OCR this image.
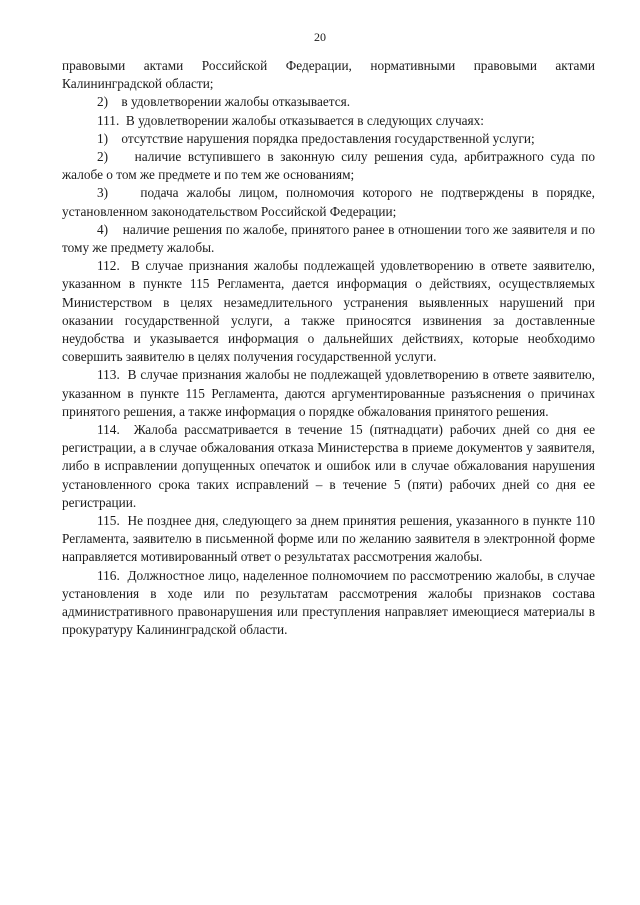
20

правовыми актами Российской Федерации, нормативными правовыми актами Калининградской области;

2)    в удовлетворении жалобы отказывается.

111.  В удовлетворении жалобы отказывается в следующих случаях:

1)    отсутствие нарушения порядка предоставления государственной услуги;

2)    наличие вступившего в законную силу решения суда, арбитражного суда по жалобе о том же предмете и по тем же основаниям;

3)    подача жалобы лицом, полномочия которого не подтверждены в порядке, установленном законодательством Российской Федерации;

4)    наличие решения по жалобе, принятого ранее в отношении того же заявителя и по тому же предмету жалобы.

112.  В случае признания жалобы подлежащей удовлетворению в ответе заявителю, указанном в пункте 115 Регламента, дается информация о действиях, осуществляемых Министерством в целях незамедлительного устранения выявленных нарушений при оказании государственной услуги, а также приносятся извинения за доставленные неудобства и указывается информация о дальнейших действиях, которые необходимо совершить заявителю в целях получения государственной услуги.

113.  В случае признания жалобы не подлежащей удовлетворению в ответе заявителю, указанном в пункте 115 Регламента, даются аргументированные разъяснения о причинах принятого решения, а также информация о порядке обжалования принятого решения.

114.  Жалоба рассматривается в течение 15 (пятнадцати) рабочих дней со дня ее регистрации, а в случае обжалования отказа Министерства в приеме документов у заявителя, либо в исправлении допущенных опечаток и ошибок или в случае обжалования нарушения установленного срока таких исправлений – в течение 5 (пяти) рабочих дней со дня ее регистрации.

115.  Не позднее дня, следующего за днем принятия решения, указанного в пункте 110 Регламента, заявителю в письменной форме или по желанию заявителя в электронной форме направляется мотивированный ответ о результатах рассмотрения жалобы.

116.  Должностное лицо, наделенное полномочием по рассмотрению жалобы, в случае установления в ходе или по результатам рассмотрения жалобы признаков состава административного правонарушения или преступления направляет имеющиеся материалы в прокуратуру Калининградской области.
